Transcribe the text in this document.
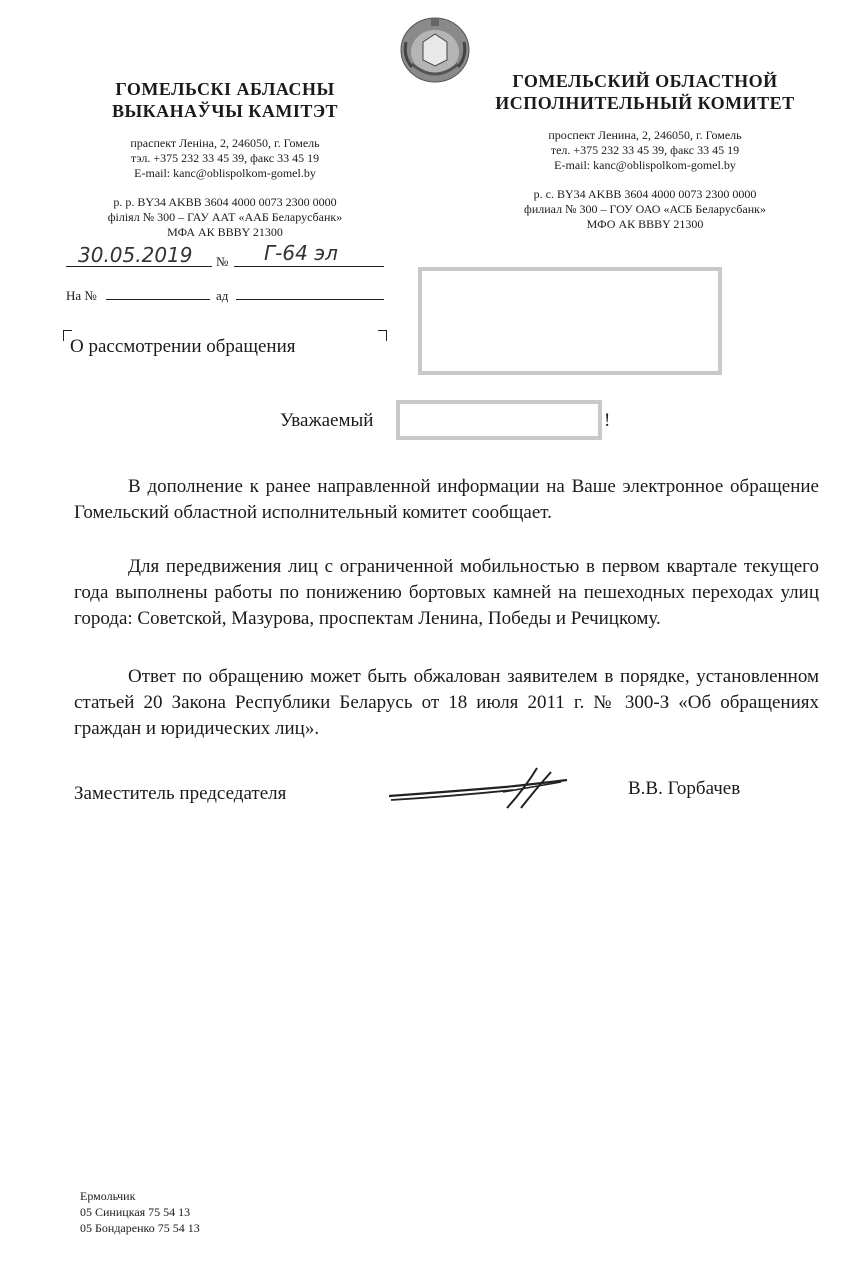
ГОМЕЛЬСКІ АБЛАСНЫ
ВЫКАНАЎЧЫ КАМІТЭТ
праспект Леніна, 2, 246050, г. Гомель
тэл. +375 232 33 45 39, факс 33 45 19
E-mail: kanc@oblispolkom-gomel.by
р. р. BY34 AKBB 3604 4000 0073 2300 0000
філіял № 300 – ГАУ ААТ «ААБ Беларусбанк»
МФА АК BBBY 21300
ГОМЕЛЬСКИЙ ОБЛАСТНОЙ
ИСПОЛНИТЕЛЬНЫЙ КОМИТЕТ
проспект Ленина, 2, 246050, г. Гомель
тел. +375 232 33 45 39, факс 33 45 19
E-mail: kanc@oblispolkom-gomel.by
р. с. BY34 AKBB 3604 4000 0073 2300 0000
филиал № 300 – ГОУ ОАО «АСБ Беларусбанк»
МФО АК BBBY 21300
30.05.2019 № Г-64 эл
На №	ад
О рассмотрении обращения
Уважаемый	!
В дополнение к ранее направленной информации на Ваше электронное обращение Гомельский областной исполнительный комитет сообщает.
Для передвижения лиц с ограниченной мобильностью в первом квартале текущего года выполнены работы по понижению бортовых камней на пешеходных переходах улиц города: Советской, Мазурова, проспектам Ленина, Победы и Речицкому.
Ответ по обращению может быть обжалован заявителем в порядке, установленном статьей 20 Закона Республики Беларусь от 18 июля 2011 г. № 300-З «Об обращениях граждан и юридических лиц».
Заместитель председателя	В.В. Горбачев
Ермольчик
05 Синицкая 75 54 13
05 Бондаренко 75 54 13
